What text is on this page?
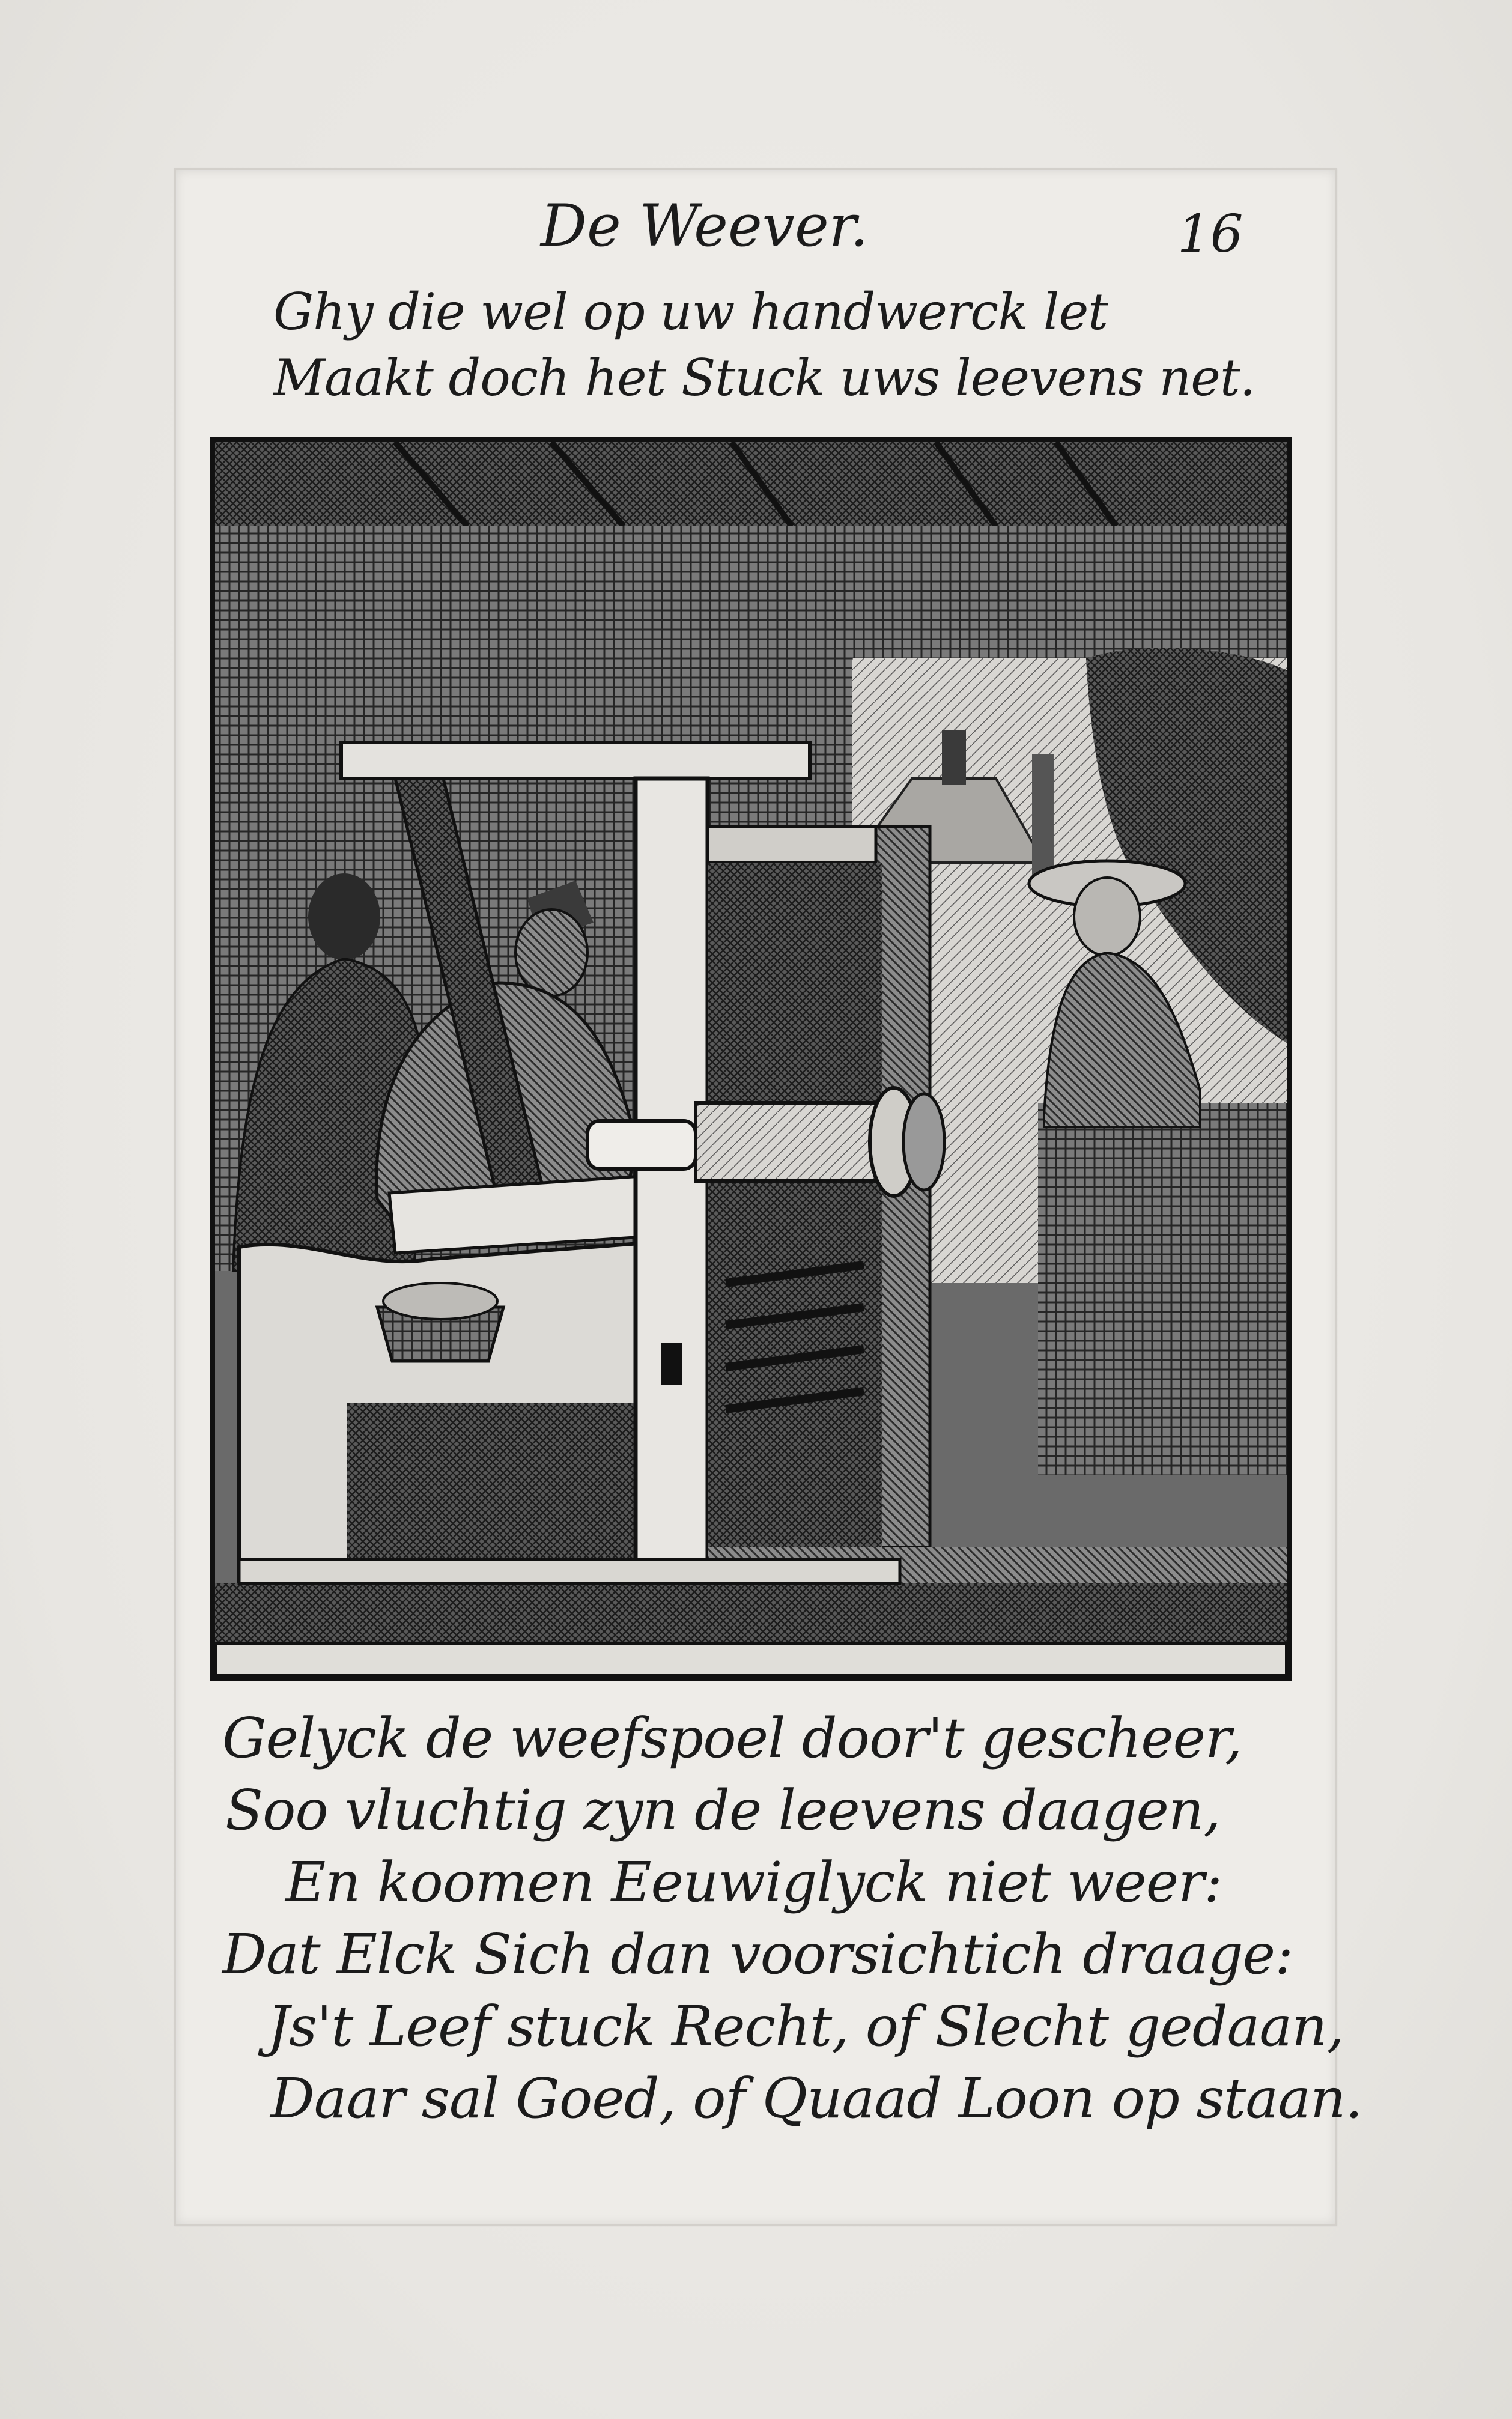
De Weever.	16
Ghy die wel op uw handwerck let
Maakt doch het Stuck uws leevens net.
Gelyck de weefspoel door't gescheer,
Soo vluchtig zyn de leevens daagen,
En koomen Eeuwiglyck niet weer:
Dat Elck Sich dan voorsichtich draage:
Js't Leef stuck Recht, of Slecht gedaan,
Daar sal Goed, of Quaad Loon op staan.
